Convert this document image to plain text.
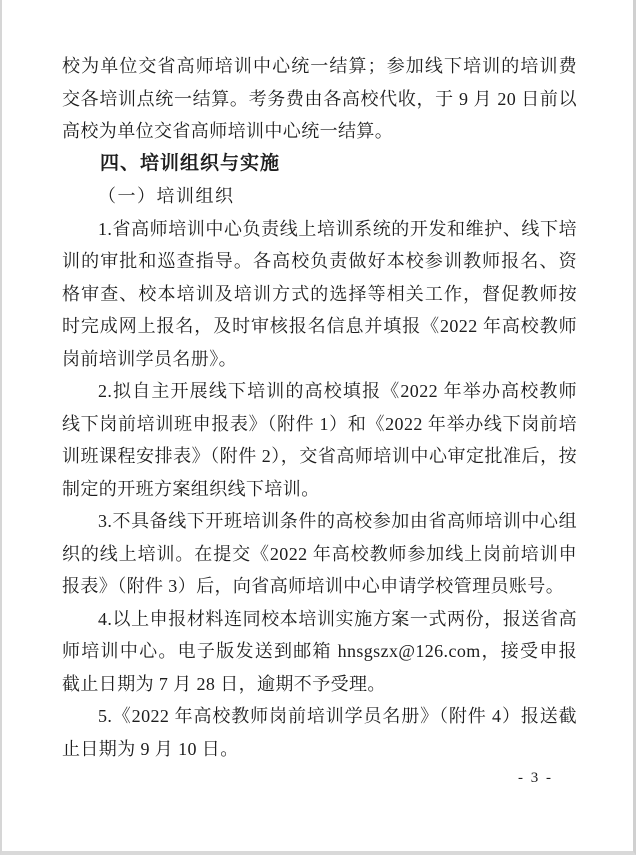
校为单位交省高师培训中心统一结算；参加线下培训的培训费交各培训点统一结算。考务费由各高校代收，于 9 月 20 日前以高校为单位交省高师培训中心统一结算。

四、培训组织与实施

（一）培训组织

1.省高师培训中心负责线上培训系统的开发和维护、线下培训的审批和巡查指导。各高校负责做好本校参训教师报名、资格审查、校本培训及培训方式的选择等相关工作，督促教师按时完成网上报名，及时审核报名信息并填报《2022 年高校教师岗前培训学员名册》。

2.拟自主开展线下培训的高校填报《2022 年举办高校教师线下岗前培训班申报表》（附件 1）和《2022 年举办线下岗前培训班课程安排表》（附件 2），交省高师培训中心审定批准后，按制定的开班方案组织线下培训。

3.不具备线下开班培训条件的高校参加由省高师培训中心组织的线上培训。在提交《2022 年高校教师参加线上岗前培训申报表》（附件 3）后，向省高师培训中心申请学校管理员账号。

4.以上申报材料连同校本培训实施方案一式两份，报送省高师培训中心。电子版发送到邮箱 hnsgszx@126.com，接受申报截止日期为 7 月 28 日，逾期不予受理。

5.《2022 年高校教师岗前培训学员名册》（附件 4）报送截止日期为 9 月 10 日。

- 3 -
